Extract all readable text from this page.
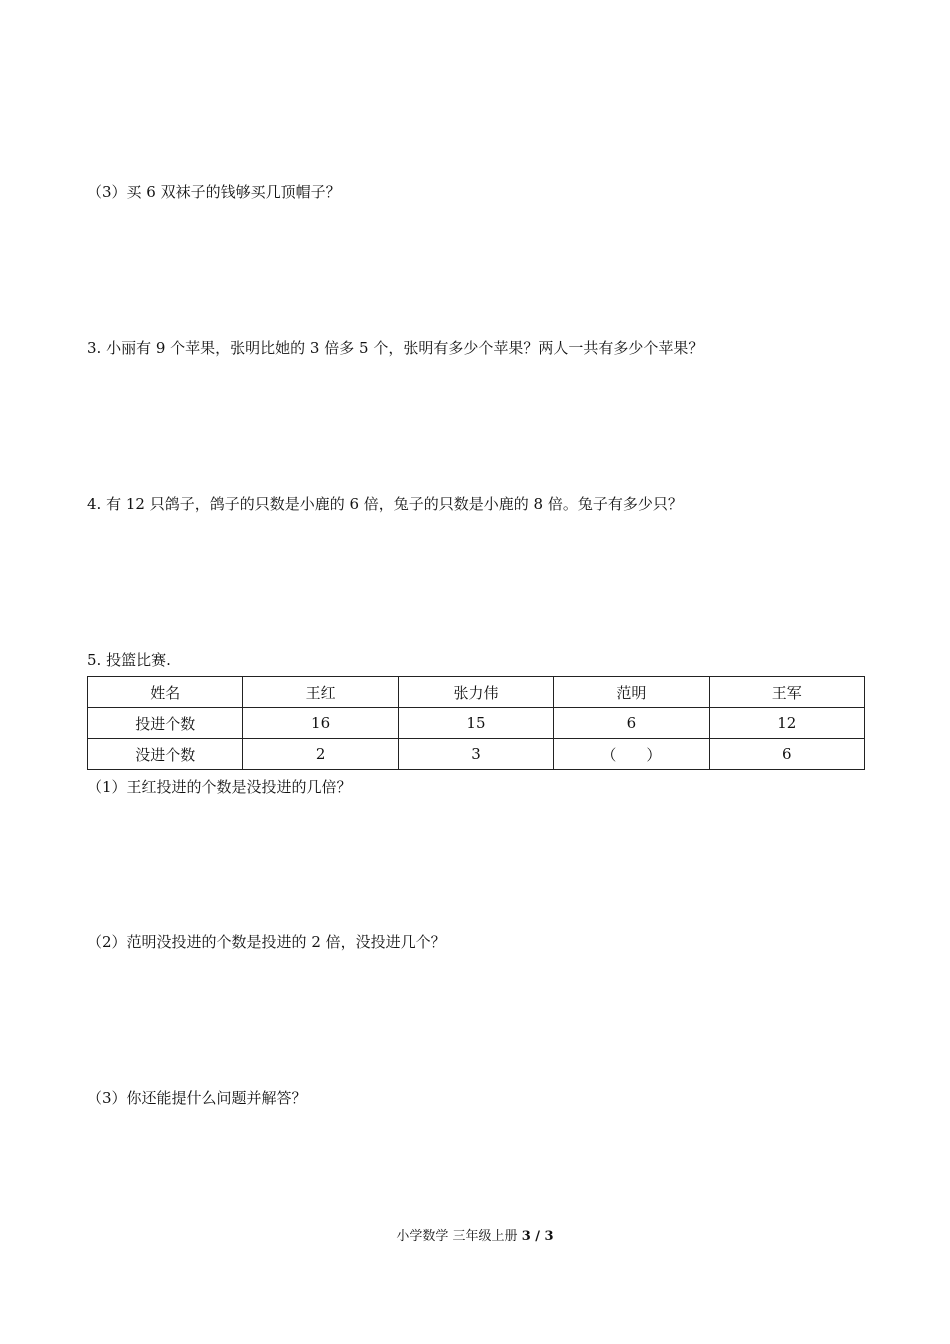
（3）买 6 双袜子的钱够买几顶帽子？
3. 小丽有 9 个苹果，张明比她的 3 倍多 5 个，张明有多少个苹果？两人一共有多少个苹果？
4. 有 12 只鸽子，鸽子的只数是小鹿的 6 倍，兔子的只数是小鹿的 8 倍。兔子有多少只？
5. 投篮比赛.
姓名	王红	张力伟	范明	王军
投进个数	16	15	6	12
没进个数	2	3	（　　）	6
（1）王红投进的个数是没投进的几倍？
（2）范明没投进的个数是投进的 2 倍，没投进几个？
（3）你还能提什么问题并解答？
小学数学 三年级上册 3 / 3
